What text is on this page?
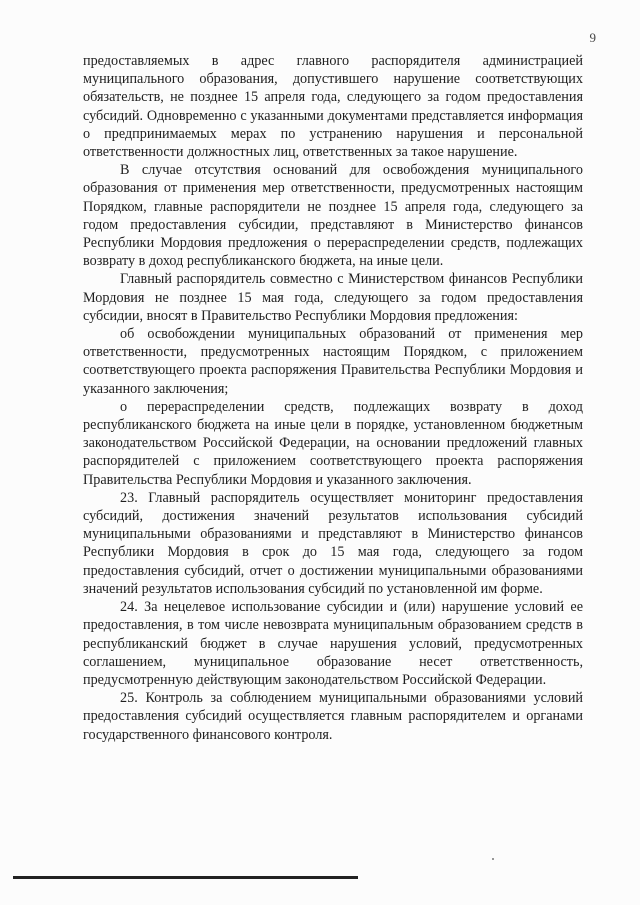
9

предоставляемых в адрес главного распорядителя администрацией муниципального образования, допустившего нарушение соответствующих обязательств, не позднее 15 апреля года, следующего за годом предоставления субсидий. Одновременно с указанными документами представляется информация о предпринимаемых мерах по устранению нарушения и персональной ответственности должностных лиц, ответственных за такое нарушение.

В случае отсутствия оснований для освобождения муниципального образования от применения мер ответственности, предусмотренных настоящим Порядком, главные распорядители не позднее 15 апреля года, следующего за годом предоставления субсидии, представляют в Министерство финансов Республики Мордовия предложения о перераспределении средств, подлежащих возврату в доход республиканского бюджета, на иные цели.

Главный распорядитель совместно с Министерством финансов Республики Мордовия не позднее 15 мая года, следующего за годом предоставления субсидии, вносят в Правительство Республики Мордовия предложения:

об освобождении муниципальных образований от применения мер ответственности, предусмотренных настоящим Порядком, с приложением соответствующего проекта распоряжения Правительства Республики Мордовия и указанного заключения;

о перераспределении средств, подлежащих возврату в доход республиканского бюджета на иные цели в порядке, установленном бюджетным законодательством Российской Федерации, на основании предложений главных распорядителей с приложением соответствующего проекта распоряжения Правительства Республики Мордовия и указанного заключения.

23. Главный распорядитель осуществляет мониторинг предоставления субсидий, достижения значений результатов использования субсидий муниципальными образованиями и представляют в Министерство финансов Республики Мордовия в срок до 15 мая года, следующего за годом предоставления субсидий, отчет о достижении муниципальными образованиями значений результатов использования субсидий по установленной им форме.

24. За нецелевое использование субсидии и (или) нарушение условий ее предоставления, в том числе невозврата муниципальным образованием средств в республиканский бюджет в случае нарушения условий, предусмотренных соглашением, муниципальное образование несет ответственность, предусмотренную действующим законодательством Российской Федерации.

25. Контроль за соблюдением муниципальными образованиями условий предоставления субсидий осуществляется главным распорядителем и органами государственного финансового контроля.
